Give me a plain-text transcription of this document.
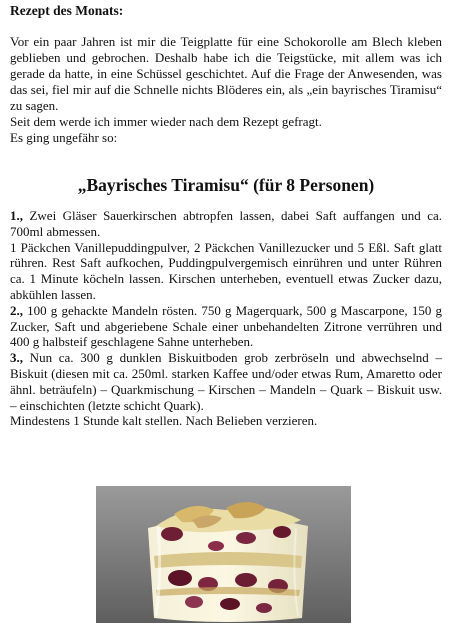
Rezept des Monats:

Vor ein paar Jahren ist mir die Teigplatte für eine Schokorolle am Blech kleben geblieben und gebrochen. Deshalb habe ich die Teigstücke, mit allem was ich gerade da hatte, in eine Schüssel geschichtet. Auf die Frage der Anwesenden, was das sei, fiel mir auf die Schnelle nichts Blöderes ein, als „ein bayrisches Tiramisu“ zu sagen.

Seit dem werde ich immer wieder nach dem Rezept gefragt.

Es ging ungefähr so:

„Bayrisches Tiramisu“ (für 8 Personen)

1., Zwei Gläser Sauerkirschen abtropfen lassen, dabei Saft auffangen und ca. 700ml abmessen.

1 Päckchen Vanillepuddingpulver, 2 Päckchen Vanillezucker und 5 Eßl. Saft glatt rühren. Rest Saft aufkochen, Puddingpulvergemisch einrühren und unter Rühren ca. 1 Minute köcheln lassen. Kirschen unterheben, eventuell etwas Zucker dazu, abkühlen lassen.

2., 100 g gehackte Mandeln rösten. 750 g Magerquark, 500 g Mascarpone, 150 g Zucker, Saft und abgeriebene Schale einer unbehandelten Zitrone verrühren und 400 g halbsteif geschlagene Sahne unterheben.

3., Nun ca. 300 g dunklen Biskuitboden grob zerbröseln und abwechselnd – Biskuit (diesen mit ca. 250ml. starken Kaffee und/oder etwas Rum, Amaretto oder ähnl. beträufeln) – Quarkmischung – Kirschen – Mandeln – Quark – Biskuit usw. – einschichten (letzte schicht Quark).

Mindestens 1 Stunde kalt stellen. Nach Belieben verzieren.
